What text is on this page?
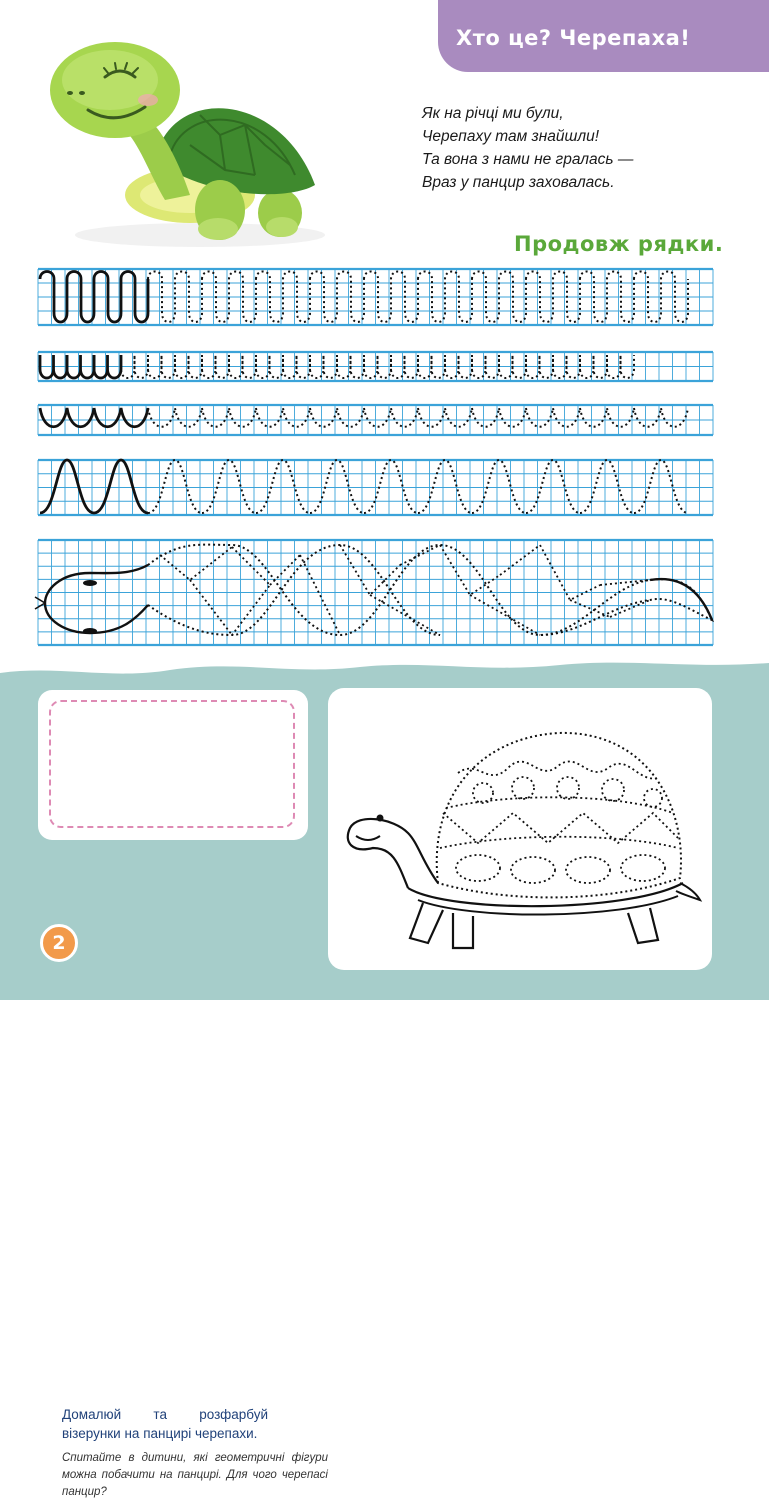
Хто це? Черепаха!
Як на річці ми були,
Черепаху там знайшли!
Та вона з нами не гралась —
Враз у панцир заховалась.
Продовж рядки.
Домалюй та розфарбуй візерунки на панцирі черепахи.
Спитайте в дитини, які геометричні фігури можна побачити на панцирі. Для чого черепасі панцир?
2
